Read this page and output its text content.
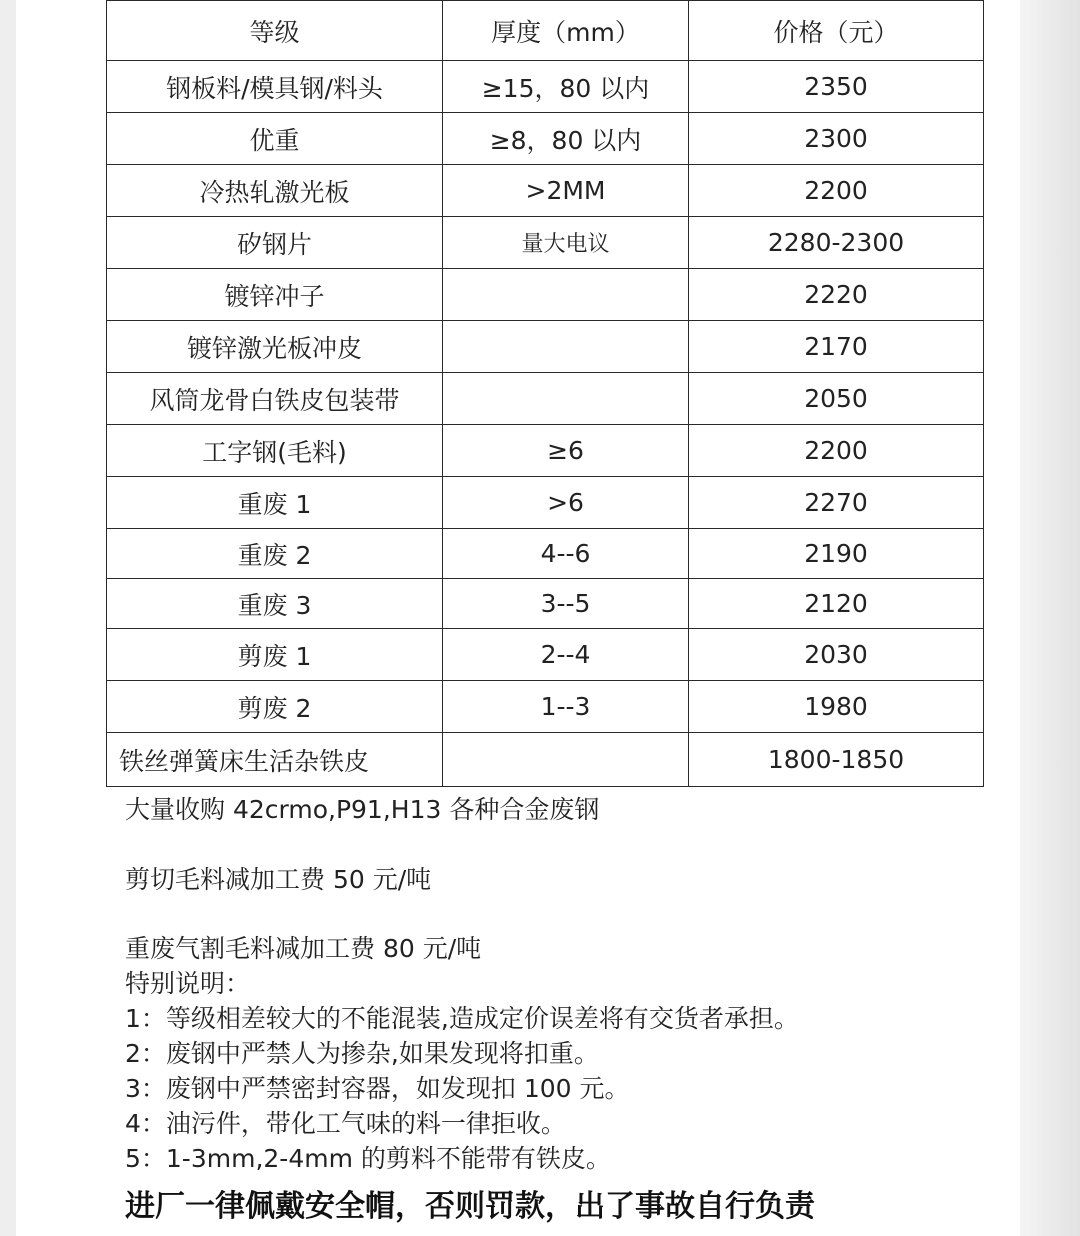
等级	厚度（mm）	价格（元）
钢板料/模具钢/料头	≥15，80 以内	2350
优重	≥8，80 以内	2300
冷热轧激光板	>2MM	2200
矽钢片	量大电议	2280-2300
镀锌冲子		2220
镀锌激光板冲皮		2170
风筒龙骨白铁皮包装带		2050
工字钢(毛料)	≥6	2200
重废 1	>6	2270
重废 2	4--6	2190
重废 3	3--5	2120
剪废 1	2--4	2030
剪废 2	1--3	1980
铁丝弹簧床生活杂铁皮		1800-1850
大量收购 42crmo,P91,H13 各种合金废钢
剪切毛料减加工费 50 元/吨
重废气割毛料减加工费 80 元/吨
特别说明：
1：等级相差较大的不能混装,造成定价误差将有交货者承担。
2：废钢中严禁人为掺杂,如果发现将扣重。
3：废钢中严禁密封容器，如发现扣 100 元。
4：油污件，带化工气味的料一律拒收。
5：1-3mm,2-4mm 的剪料不能带有铁皮。
进厂一律佩戴安全帽，否则罚款，出了事故自行负责
